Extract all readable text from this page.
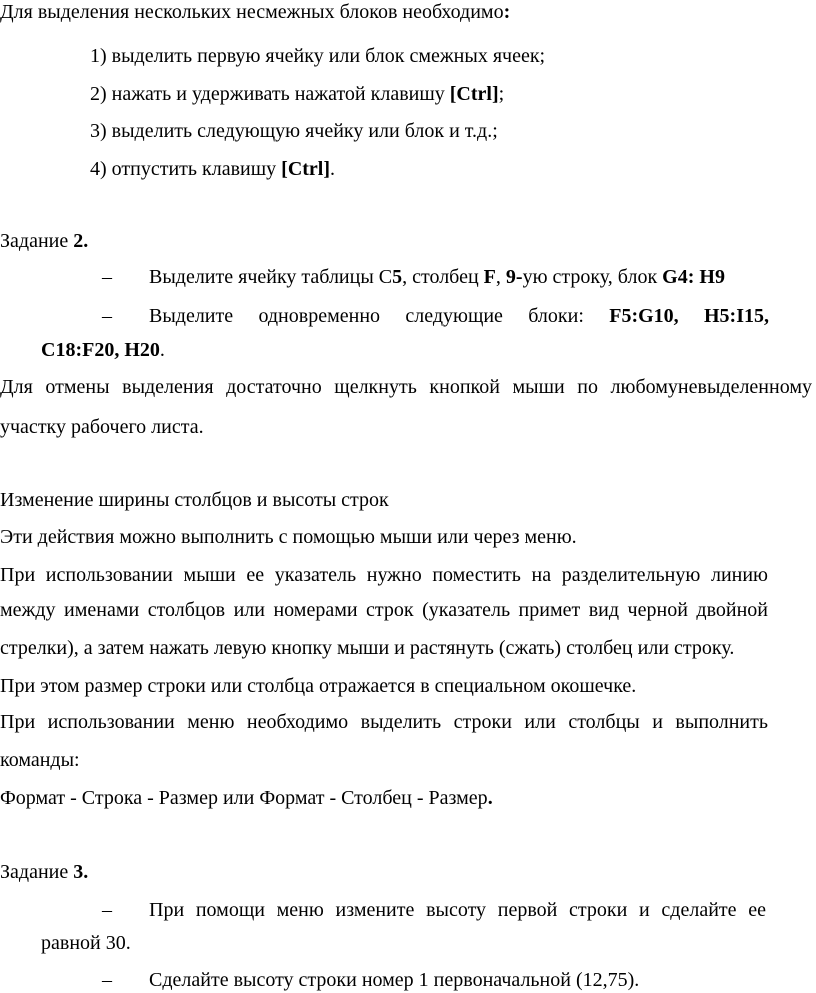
Для выделения нескольких несмежных блоков необходимо:
1) выделить первую ячейку или блок смежных ячеек;
2) нажать и удерживать нажатой клавишу [Ctrl];
3) выделить следующую ячейку или блок и т.д.;
4) отпустить клавишу [Ctrl].
Задание 2.
– Выделите ячейку таблицы С5, столбец F, 9-ую строку, блок G4: H9
– Выделите одновременно следующие блоки: F5:G10, H5:I15,
C18:F20, H20.
Для отмены выделения достаточно щелкнуть кнопкой мыши по любомуневыделенному
участку рабочего листа.
Изменение ширины столбцов и высоты строк
Эти действия можно выполнить с помощью мыши или через меню.
При использовании мыши ее указатель нужно поместить на разделительную линию
между именами столбцов или номерами строк (указатель примет вид черной двойной
стрелки), а затем нажать левую кнопку мыши и растянуть (сжать) столбец или строку.
При этом размер строки или столбца отражается в специальном окошечке.
При использовании меню необходимо выделить строки или столбцы и выполнить
команды:
Формат - Строка - Размер или Формат - Столбец - Размер.
Задание 3.
– При помощи меню измените высоту первой строки и сделайте ее
равной 30.
– Сделайте высоту строки номер 1 первоначальной (12,75).
